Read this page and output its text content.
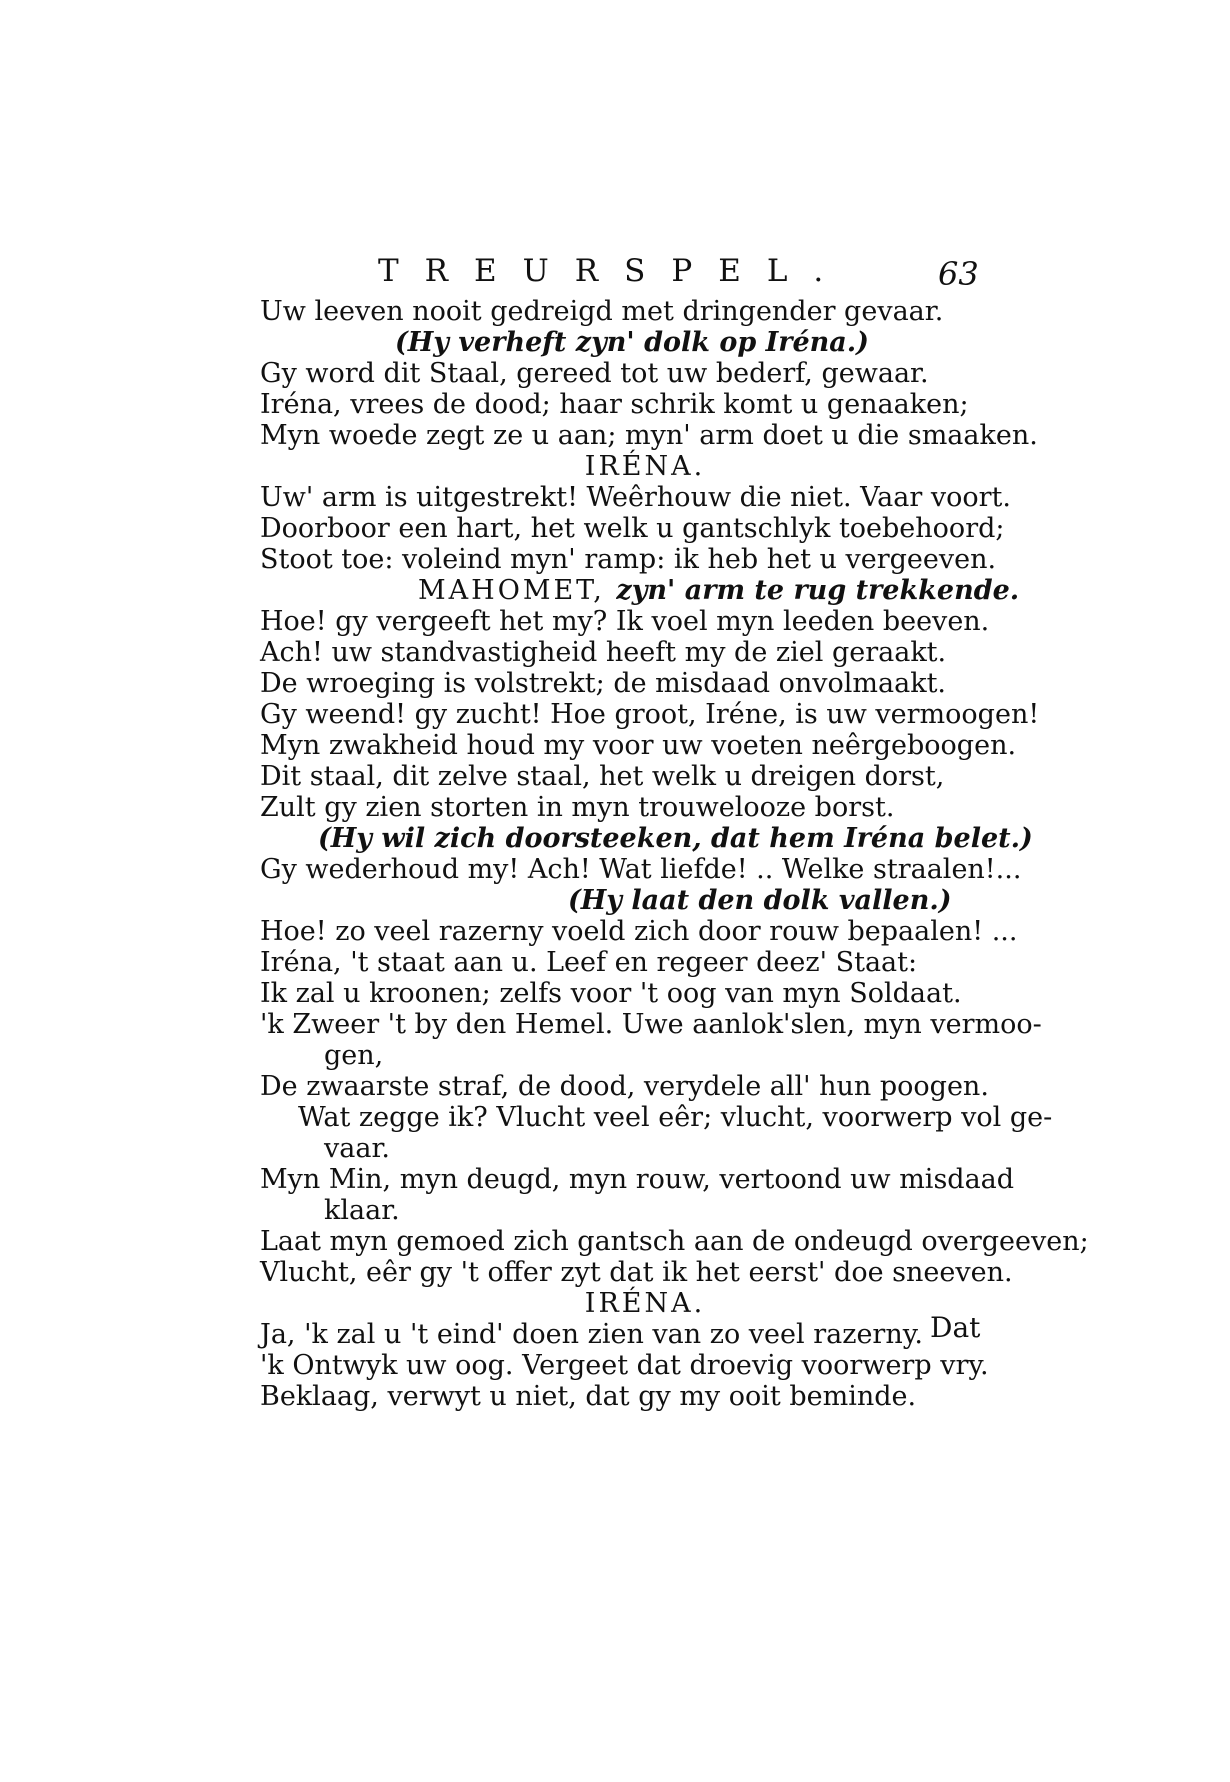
TREURSPEL.	63
Uw leeven nooit gedreigd met dringender gevaar.
(Hy verheft zyn' dolk op Iréna.)
Gy word dit Staal, gereed tot uw bederf, gewaar.
Iréna, vrees de dood; haar schrik komt u genaaken;
Myn woede zegt ze u aan; myn' arm doet u die smaaken.
IRÉNA.
Uw' arm is uitgestrekt! Weêrhouw die niet. Vaar voort.
Doorboor een hart, het welk u gantschlyk toebehoord;
Stoot toe: voleind myn' ramp: ik heb het u vergeeven.
MAHOMET, zyn' arm te rug trekkende.
Hoe! gy vergeeft het my? Ik voel myn leeden beeven.
Ach! uw standvastigheid heeft my de ziel geraakt.
De wroeging is volstrekt; de misdaad onvolmaakt.
Gy weend! gy zucht! Hoe groot, Iréne, is uw vermoogen!
Myn zwakheid houd my voor uw voeten neêrgeboogen.
Dit staal, dit zelve staal, het welk u dreigen dorst,
Zult gy zien storten in myn trouwelooze borst.
(Hy wil zich doorsteeken, dat hem Iréna belet.)
Gy wederhoud my! Ach! Wat liefde! .. Welke straalen!...
(Hy laat den dolk vallen.)
Hoe! zo veel razerny voeld zich door rouw bepaalen! ...
Iréna, 't staat aan u. Leef en regeer deez' Staat:
Ik zal u kroonen; zelfs voor 't oog van myn Soldaat.
'k Zweer 't by den Hemel. Uwe aanlok'slen, myn vermoo-
gen,
De zwaarste straf, de dood, verydele all' hun poogen.
Wat zegge ik? Vlucht veel eêr; vlucht, voorwerp vol ge-
vaar.
Myn Min, myn deugd, myn rouw, vertoond uw misdaad
klaar.
Laat myn gemoed zich gantsch aan de ondeugd overgeeven;
Vlucht, eêr gy 't offer zyt dat ik het eerst' doe sneeven.
IRÉNA.
Ja, 'k zal u 't eind' doen zien van zo veel razerny.
'k Ontwyk uw oog. Vergeet dat droevig voorwerp vry.
Beklaag, verwyt u niet, dat gy my ooit beminde.
Dat
